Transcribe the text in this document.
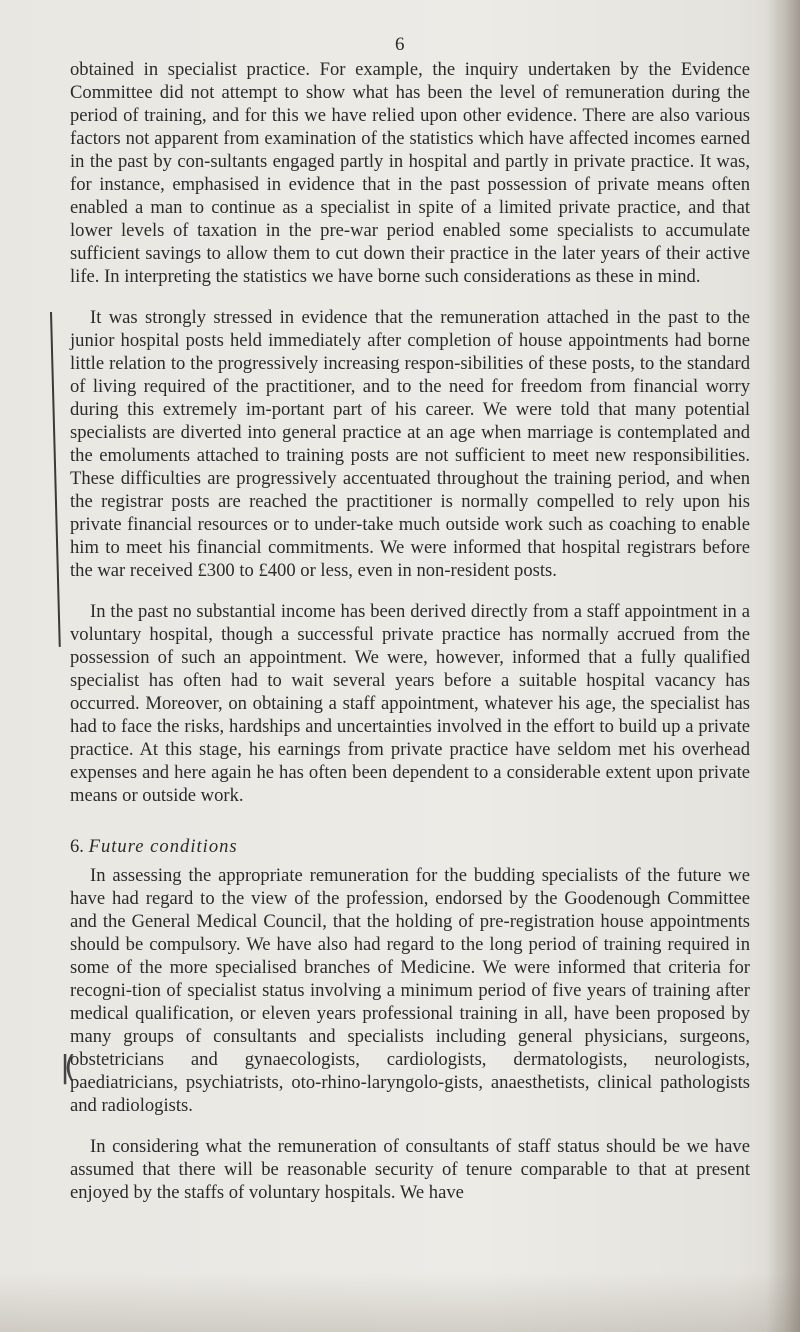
6
|(

obtained in specialist practice. For example, the inquiry undertaken by the Evidence Committee did not attempt to show what has been the level of remuneration during the period of training, and for this we have relied upon other evidence. There are also various factors not apparent from examination of the statistics which have affected incomes earned in the past by con-sultants engaged partly in hospital and partly in private practice. It was, for instance, emphasised in evidence that in the past possession of private means often enabled a man to continue as a specialist in spite of a limited private practice, and that lower levels of taxation in the pre-war period enabled some specialists to accumulate sufficient savings to allow them to cut down their practice in the later years of their active life. In interpreting the statistics we have borne such considerations as these in mind.

It was strongly stressed in evidence that the remuneration attached in the past to the junior hospital posts held immediately after completion of house appointments had borne little relation to the progressively increasing respon-sibilities of these posts, to the standard of living required of the practitioner, and to the need for freedom from financial worry during this extremely im-portant part of his career. We were told that many potential specialists are diverted into general practice at an age when marriage is contemplated and the emoluments attached to training posts are not sufficient to meet new responsibilities. These difficulties are progressively accentuated throughout the training period, and when the registrar posts are reached the practitioner is normally compelled to rely upon his private financial resources or to under-take much outside work such as coaching to enable him to meet his financial commitments. We were informed that hospital registrars before the war received £300 to £400 or less, even in non-resident posts.

In the past no substantial income has been derived directly from a staff appointment in a voluntary hospital, though a successful private practice has normally accrued from the possession of such an appointment. We were, however, informed that a fully qualified specialist has often had to wait several years before a suitable hospital vacancy has occurred. Moreover, on obtaining a staff appointment, whatever his age, the specialist has had to face the risks, hardships and uncertainties involved in the effort to build up a private practice. At this stage, his earnings from private practice have seldom met his overhead expenses and here again he has often been dependent to a considerable extent upon private means or outside work.

6. Future conditions

In assessing the appropriate remuneration for the budding specialists of the future we have had regard to the view of the profession, endorsed by the Goodenough Committee and the General Medical Council, that the holding of pre-registration house appointments should be compulsory. We have also had regard to the long period of training required in some of the more specialised branches of Medicine. We were informed that criteria for recogni-tion of specialist status involving a minimum period of five years of training after medical qualification, or eleven years professional training in all, have been proposed by many groups of consultants and specialists including general physicians, surgeons, obstetricians and gynaecologists, cardiologists, dermatologists, neurologists, paediatricians, psychiatrists, oto-rhino-laryngolo-gists, anaesthetists, clinical pathologists and radiologists.

In considering what the remuneration of consultants of staff status should be we have assumed that there will be reasonable security of tenure comparable to that at present enjoyed by the staffs of voluntary hospitals. We have
